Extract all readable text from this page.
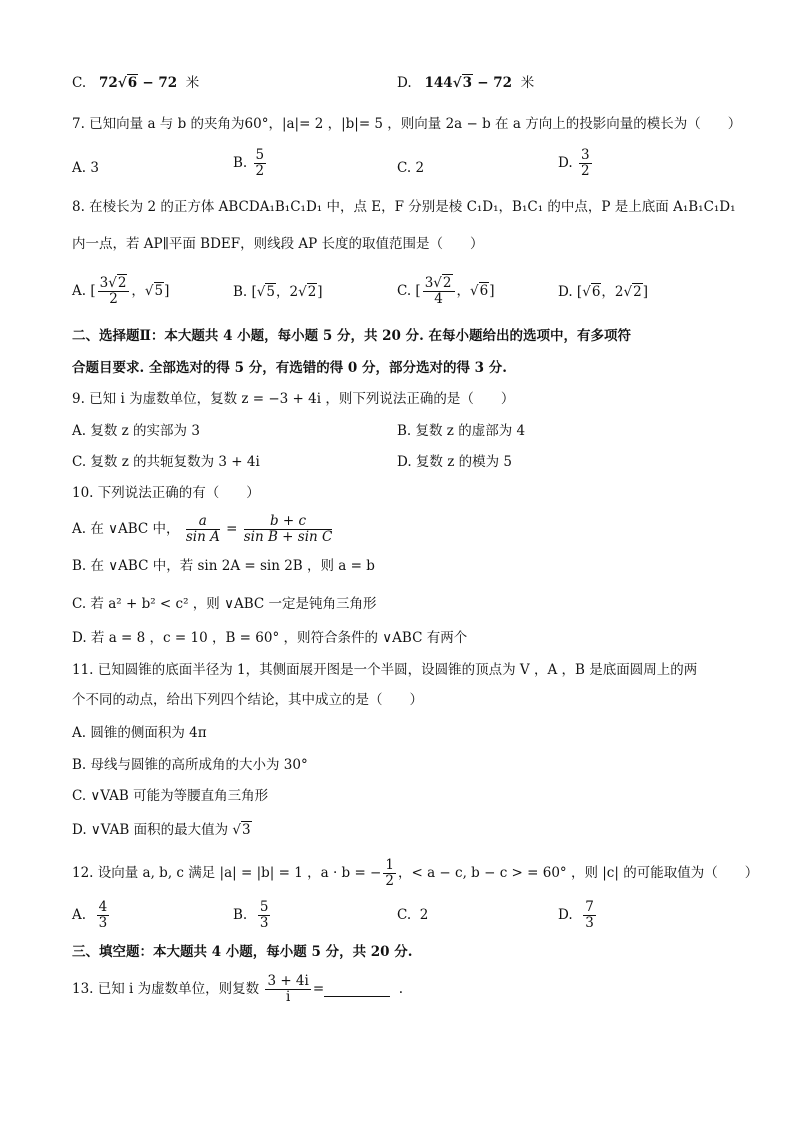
C. 72√6 − 72 米	D. 144√3 − 72 米
7. 已知向量 a 与 b 的夹角为60°，|a|= 2 ，|b|= 5 ，则向量 2a − b 在 a 方向上的投影向量的模长为（　　）
A. 3	B. $\frac{5}{2}$	C. 2	D. $\frac{3}{2}$
8. 在棱长为 2 的正方体 ABCDA₁B₁C₁D₁ 中，点 E，F 分别是棱 C₁D₁，B₁C₁ 的中点，P 是上底面 A₁B₁C₁D₁
内一点，若 AP∥平面 BDEF，则线段 AP 长度的取值范围是（　　）
A. [ $\frac{3√2}{2}$ ，√5]	B. [√5，2√2]	C. [ $\frac{3√2}{4}$ ，√6]	D. [√6，2√2]
二、选择题Ⅱ：本大题共 4 小题，每小题 5 分，共 20 分. 在每小题给出的选项中，有多项符
合题目要求. 全部选对的得 5 分，有选错的得 0 分，部分选对的得 3 分.
9. 已知 i 为虚数单位，复数 z = −3 + 4i ，则下列说法正确的是（　　）
A. 复数 z 的实部为 3	B. 复数 z 的虚部为 4
C. 复数 z 的共轭复数为 3 + 4i	D. 复数 z 的模为 5
10. 下列说法正确的有（　　）
A. 在 ∨ABC 中， $\frac{a}{\text{sin A}} = \frac{b + c}{\text{sin B + sin C}}$
B. 在 ∨ABC 中，若 sin 2A = sin 2B ，则 a = b
C. 若 a² + b² < c² ，则 ∨ABC 一定是钝角三角形
D. 若 a = 8 ，c = 10 ，B = 60° ，则符合条件的 ∨ABC 有两个
11. 已知圆锥的底面半径为 1，其侧面展开图是一个半圆，设圆锥的顶点为 V ，A ，B 是底面圆周上的两
个不同的动点，给出下列四个结论，其中成立的是（　　）
A. 圆锥的侧面积为 4π
B. 母线与圆锥的高所成角的大小为 30°
C. ∨VAB 可能为等腰直角三角形
D. ∨VAB 面积的最大值为 √3
12. 设向量 a, b, c 满足 |a| = |b| = 1 ，a · b = − $\frac{1}{2}$ ，< a − c, b − c > = 60° ，则 |c| 的可能取值为（　　）
A. $\frac{4}{3}$	B. $\frac{5}{3}$	C. 2	D. $\frac{7}{3}$
三、填空题：本大题共 4 小题，每小题 5 分，共 20 分.
13. 已知 i 为虚数单位，则复数 $\frac{3 + 4i}{i}$ =	.
